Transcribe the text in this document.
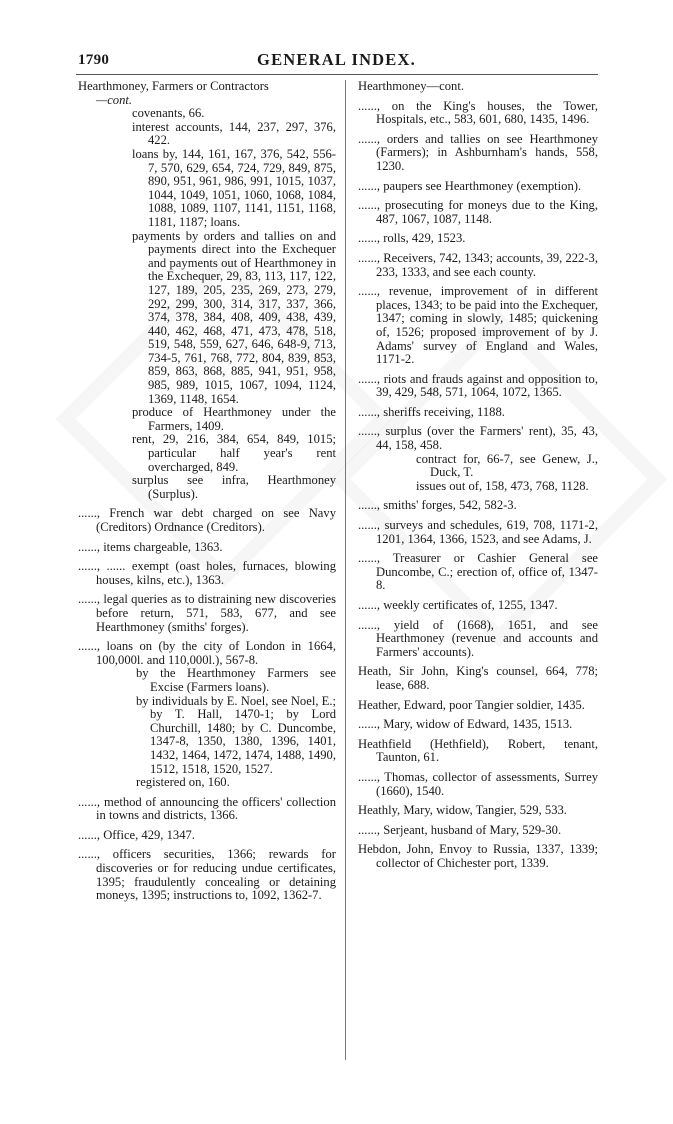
1790	GENERAL INDEX.
Hearthmoney, Farmers or Contractors
—cont.
covenants, 66.
interest accounts, 144, 237, 297, 376, 422.
loans by, 144, 161, 167, 376, 542, 556-7, 570, 629, 654, 724, 729, 849, 875, 890, 951, 961, 986, 991, 1015, 1037, 1044, 1049, 1051, 1060, 1068, 1084, 1088, 1089, 1107, 1141, 1151, 1168, 1181, 1187; loans.
payments by orders and tallies on and payments direct into the Exchequer and payments out of Hearthmoney in the Exchequer, 29, 83, 113, 117, 122, 127, 189, 205, 235, 269, 273, 279, 292, 299, 300, 314, 317, 337, 366, 374, 378, 384, 408, 409, 438, 439, 440, 462, 468, 471, 473, 478, 518, 519, 548, 559, 627, 646, 648-9, 713, 734-5, 761, 768, 772, 804, 839, 853, 859, 863, 868, 885, 941, 951, 958, 985, 989, 1015, 1067, 1094, 1124, 1369, 1148, 1654.
produce of Hearthmoney under the Farmers, 1409.
rent, 29, 216, 384, 654, 849, 1015; particular half year's rent overcharged, 849.
surplus see infra, Hearthmoney (Surplus).
......, French war debt charged on see Navy (Creditors) Ordnance (Creditors).
......, items chargeable, 1363.
......, ...... exempt (oast holes, furnaces, blowing houses, kilns, etc.), 1363.
......, legal queries as to distraining new discoveries before return, 571, 583, 677, and see Hearthmoney (smiths' forges).
......, loans on (by the city of London in 1664, 100,000l. and 110,000l.), 567-8.
by the Hearthmoney Farmers see Excise (Farmers loans).
by individuals by E. Noel, see Noel, E.; by T. Hall, 1470-1; by Lord Churchill, 1480; by C. Duncombe, 1347-8, 1350, 1380, 1396, 1401, 1432, 1464, 1472, 1474, 1488, 1490, 1512, 1518, 1520, 1527.
registered on, 160.
......, method of announcing the officers' collection in towns and districts, 1366.
......, Office, 429, 1347.
......, officers securities, 1366; rewards for discoveries or for reducing undue certificates, 1395; fraudulently concealing or detaining moneys, 1395; instructions to, 1092, 1362-7.
Hearthmoney—cont.
......, on the King's houses, the Tower, Hospitals, etc., 583, 601, 680, 1435, 1496.
......, orders and tallies on see Hearthmoney (Farmers); in Ashburnham's hands, 558, 1230.
......, paupers see Hearthmoney (exemption).
......, prosecuting for moneys due to the King, 487, 1067, 1087, 1148.
......, rolls, 429, 1523.
......, Receivers, 742, 1343; accounts, 39, 222-3, 233, 1333, and see each county.
......, revenue, improvement of in different places, 1343; to be paid into the Exchequer, 1347; coming in slowly, 1485; quickening of, 1526; proposed improvement of by J. Adams' survey of England and Wales, 1171-2.
......, riots and frauds against and opposition to, 39, 429, 548, 571, 1064, 1072, 1365.
......, sheriffs receiving, 1188.
......, surplus (over the Farmers' rent), 35, 43, 44, 158, 458.
contract for, 66-7, see Genew, J., Duck, T.
issues out of, 158, 473, 768, 1128.
......, smiths' forges, 542, 582-3.
......, surveys and schedules, 619, 708, 1171-2, 1201, 1364, 1366, 1523, and see Adams, J.
......, Treasurer or Cashier General see Duncombe, C.; erection of, office of, 1347-8.
......, weekly certificates of, 1255, 1347.
......, yield of (1668), 1651, and see Hearthmoney (revenue and accounts and Farmers' accounts).
Heath, Sir John, King's counsel, 664, 778; lease, 688.
Heather, Edward, poor Tangier soldier, 1435.
......, Mary, widow of Edward, 1435, 1513.
Heathfield (Hethfield), Robert, tenant, Taunton, 61.
......, Thomas, collector of assessments, Surrey (1660), 1540.
Heathly, Mary, widow, Tangier, 529, 533.
......, Serjeant, husband of Mary, 529-30.
Hebdon, John, Envoy to Russia, 1337, 1339; collector of Chichester port, 1339.
